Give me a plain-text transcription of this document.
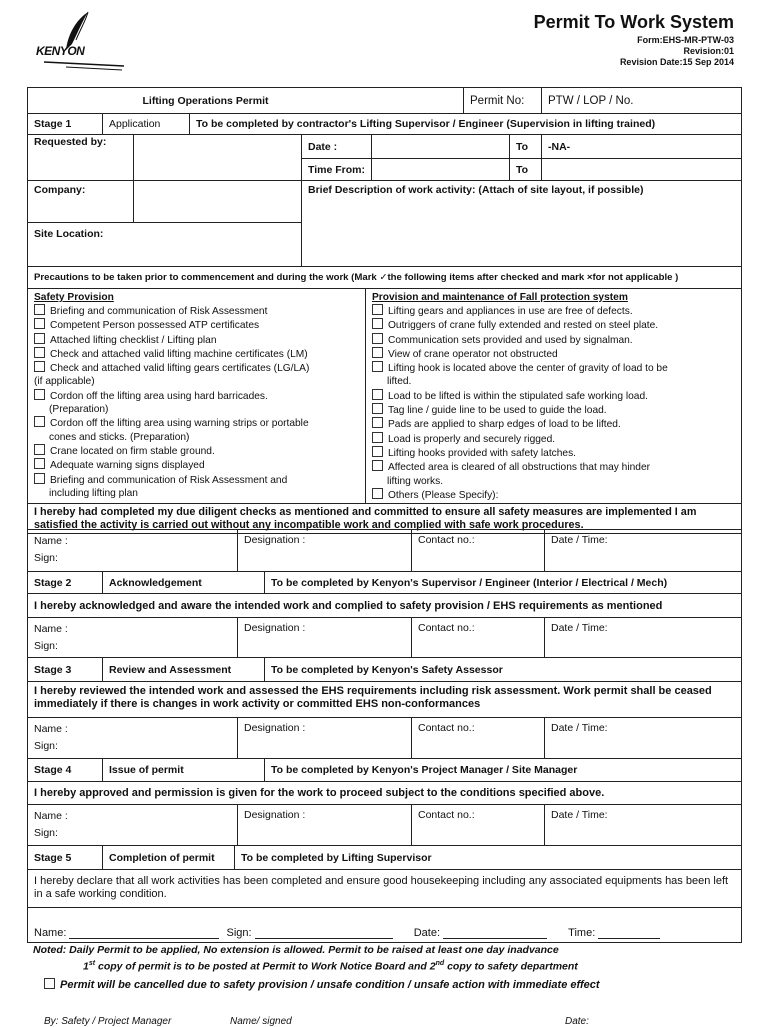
KENYON
Permit To Work System
Form:EHS-MR-PTW-03
Revision:01
Revision Date:15 Sep 2014
Lifting Operations Permit	Permit No:	PTW / LOP / No.
Stage 1	Application	To be completed by contractor's Lifting Supervisor / Engineer (Supervision in lifting trained)
Requested by:		Date :		To	-NA-
		Time From:		To	
Company:		Brief Description of work activity: (Attach of site layout, if possible)
Site Location:
Precautions to be taken prior to commencement and during the work (Mark ✓the following items after checked and mark ×for not applicable )

Safety Provision
Briefing and communication of Risk Assessment
Competent Person possessed ATP certificates
Attached lifting checklist / Lifting plan
Check and attached valid lifting machine certificates (LM)
Check and attached valid lifting gears certificates (LG/LA)
(if applicable)
Cordon off the lifting area using hard barricades.
(Preparation)
Cordon off the lifting area using warning strips or portable
cones and sticks. (Preparation)
Crane located on firm stable ground.
Adequate warning signs displayed
Briefing and communication of Risk Assessment and
including lifting plan

Provision and maintenance of Fall protection system
Lifting gears and appliances in use are free of defects.
Outriggers of crane fully extended and rested on steel plate.
Communication sets provided and used by signalman.
View of crane operator not obstructed
Lifting hook is located above the center of gravity of load to be
lifted.
Load to be lifted is within the stipulated safe working load.
Tag line / guide line to be used to guide the load.
Pads are applied to sharp edges of load to be lifted.
Load is properly and securely rigged.
Lifting hooks provided with safety latches.
Affected area is cleared of all obstructions that may hinder
lifting works.
Others (Please Specify):

I hereby had completed my due diligent checks as mentioned and committed to ensure all safety measures are implemented I am satisfied the activity is carried out without any incompatible work and complied with safe work procedures.
Name :
Sign:	Designation :	Contact no.:	Date / Time:
Stage 2	Acknowledgement	To be completed by Kenyon's Supervisor / Engineer (Interior / Electrical / Mech)
I hereby acknowledged and aware the intended work and complied to safety provision / EHS requirements as mentioned
Name :
Sign:	Designation :	Contact no.:	Date / Time:
Stage 3	Review and Assessment	To be completed by Kenyon's Safety Assessor
I hereby reviewed the intended work and assessed the EHS requirements including risk assessment. Work permit shall be ceased immediately if there is changes in work activity or committed EHS non-conformances
Name :
Sign:	Designation :	Contact no.:	Date / Time:
Stage 4	Issue of permit	To be completed by Kenyon's Project Manager / Site Manager
I hereby approved and permission is given for the work to proceed subject to the conditions specified above.
Name :
Sign:	Designation :	Contact no.:	Date / Time:
Stage 5	Completion of permit	To be completed by Lifting Supervisor
I hereby declare that all work activities has been completed and ensure good housekeeping including any associated equipments has been left in a safe working condition.
Name:	Sign:	Date:	Time:
Noted: Daily Permit to be applied, No extension is allowed. Permit to be raised at least one day inadvance
1st copy of permit is to be posted at Permit to Work Notice Board and 2nd copy to safety department
Permit will be cancelled due to safety provision / unsafe condition / unsafe action with immediate effect
By: Safety / Project Manager	Name/ signed	Date:
